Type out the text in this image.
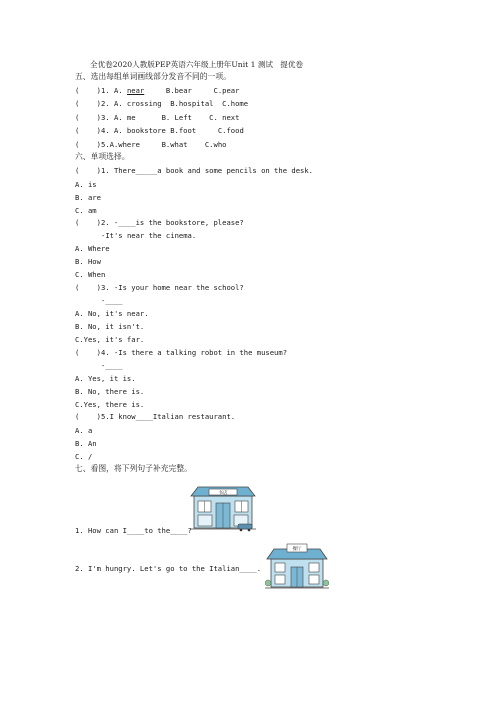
全优卷2020人教版PEP英语六年级上册年Unit 1 测试   提优卷
五、选出每组单词画线部分发音不同的一项。
(    )1. A. near	B.bear	C.pear
(    )2. A. crossing  B.hospital  C.home
(    )3. A. me	B. Left C. next
(    )4. A. bookstore B.foot	C.food
(    )5.A.where	B.what C.who
六、单项选择。
(    )1. There_____a book and some pencils on the desk.
A. is
B. are
C. am
(    )2. -____is the bookstore, please?
-It's near the cinema.
A. Where
B. How
C. When
(    )3. -Is your home near the school?
-____
A. No, it's near.
B. No, it isn't.
C.Yes, it's far.
(    )4. -Is there a talking robot in the museum?
-____
A. Yes, it is.
B. No, there is.
C.Yes, there is.
(    )5.I know____Italian restaurant.
A. a
B. An
C. /
七、看图，将下列句子补充完整。
1. How can I____to the____?
2. I'm hungry. Let's go to the Italian____.
书店
餐厅
